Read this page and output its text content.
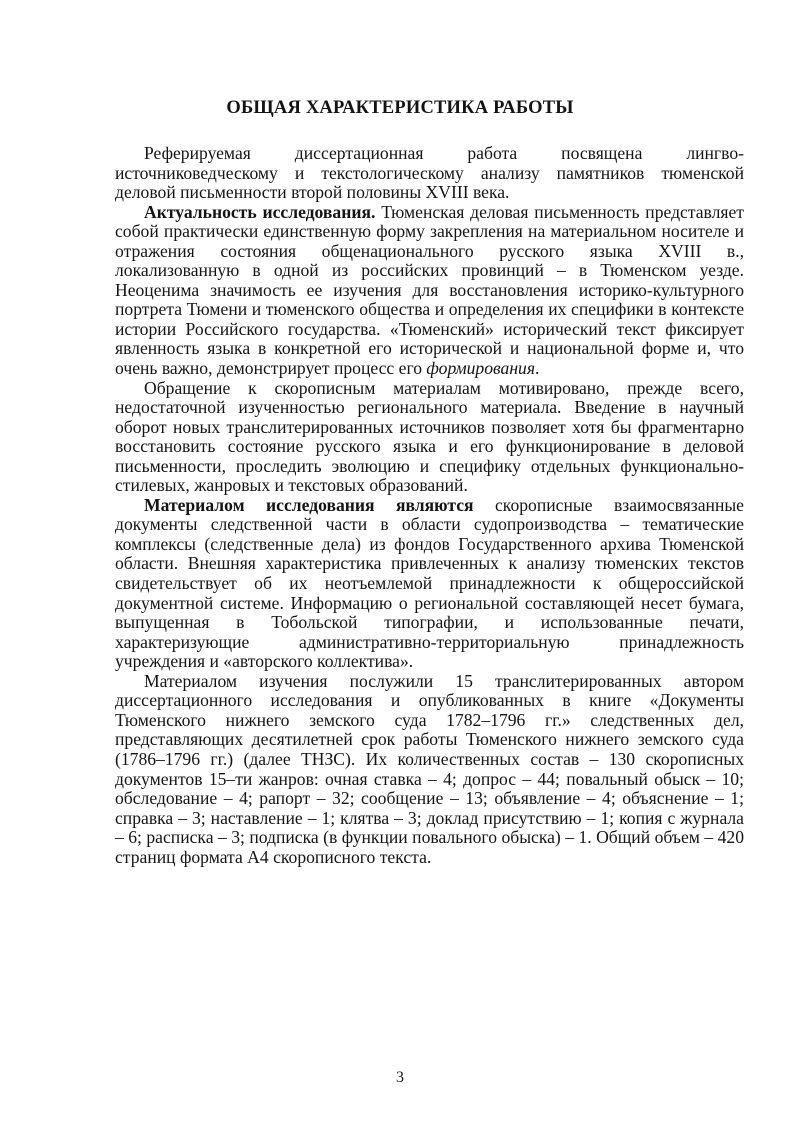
ОБЩАЯ ХАРАКТЕРИСТИКА РАБОТЫ

Реферируемая диссертационная работа посвящена лингво-источниковедческому и текстологическому анализу памятников тюменской деловой письменности второй половины XVIII века.

Актуальность исследования. Тюменская деловая письменность представляет собой практически единственную форму закрепления на материальном носителе и отражения состояния общенационального русского языка XVIII в., локализованную в одной из российских провинций – в Тюменском уезде. Неоценима значимость ее изучения для восстановления историко-культурного портрета Тюмени и тюменского общества и определения их специфики в контексте истории Российского государства. «Тюменский» исторический текст фиксирует явленность языка в конкретной его исторической и национальной форме и, что очень важно, демонстрирует процесс его формирования.

Обращение к скорописным материалам мотивировано, прежде всего, недостаточной изученностью регионального материала. Введение в научный оборот новых транслитерированных источников позволяет хотя бы фрагментарно восстановить состояние русского языка и его функционирование в деловой письменности, проследить эволюцию и специфику отдельных функционально-стилевых, жанровых и текстовых образований.

Материалом исследования являются скорописные взаимосвязанные документы следственной части в области судопроизводства – тематические комплексы (следственные дела) из фондов Государственного архива Тюменской области. Внешняя характеристика привлеченных к анализу тюменских текстов свидетельствует об их неотъемлемой принадлежности к общероссийской документной системе. Информацию о региональной составляющей несет бумага, выпущенная в Тобольской типографии, и использованные печати, характеризующие административно-территориальную принадлежность учреждения и «авторского коллектива».

Материалом изучения послужили 15 транслитерированных автором диссертационного исследования и опубликованных в книге «Документы Тюменского нижнего земского суда 1782–1796 гг.» следственных дел, представляющих десятилетней срок работы Тюменского нижнего земского суда (1786–1796 гг.) (далее ТНЗС). Их количественных состав – 130 скорописных документов 15–ти жанров: очная ставка – 4; допрос – 44; повальный обыск – 10; обследование – 4; рапорт – 32; сообщение – 13; объявление – 4; объяснение – 1; справка – 3; наставление – 1; клятва – 3; доклад присутствию – 1; копия с журнала – 6; расписка – 3; подписка (в функции повального обыска) – 1. Общий объем – 420 страниц формата А4 скорописного текста.

3
